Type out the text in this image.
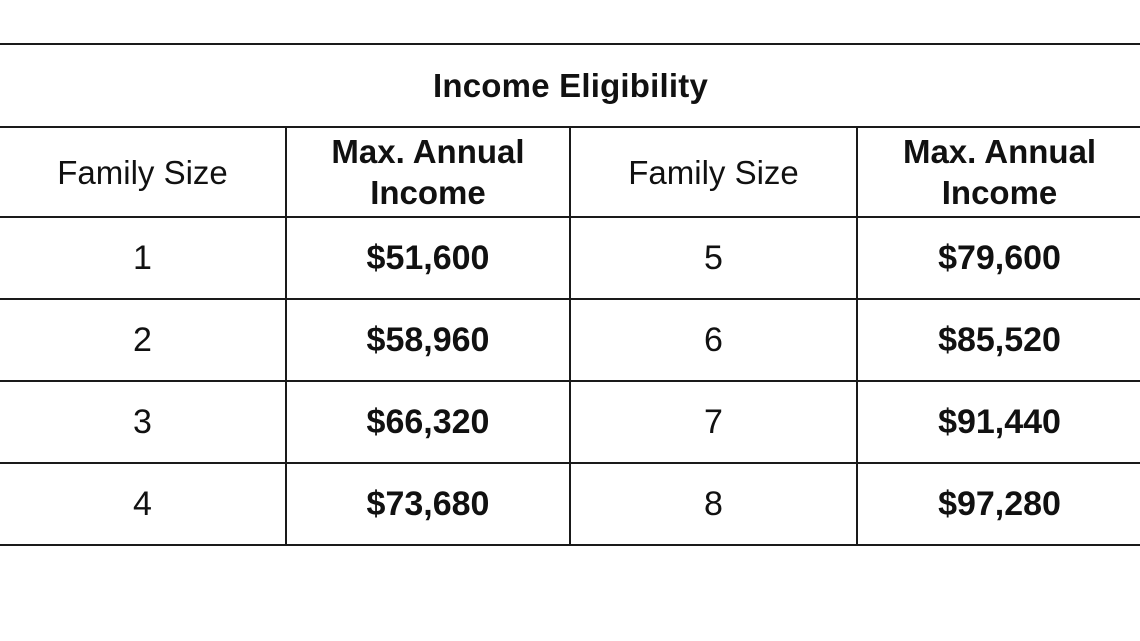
Income Eligibility			
Family Size	Max. Annual Income	Family Size	Max. Annual Income
1	$51,600	5	$79,600
2	$58,960	6	$85,520
3	$66,320	7	$91,440
4	$73,680	8	$97,280
